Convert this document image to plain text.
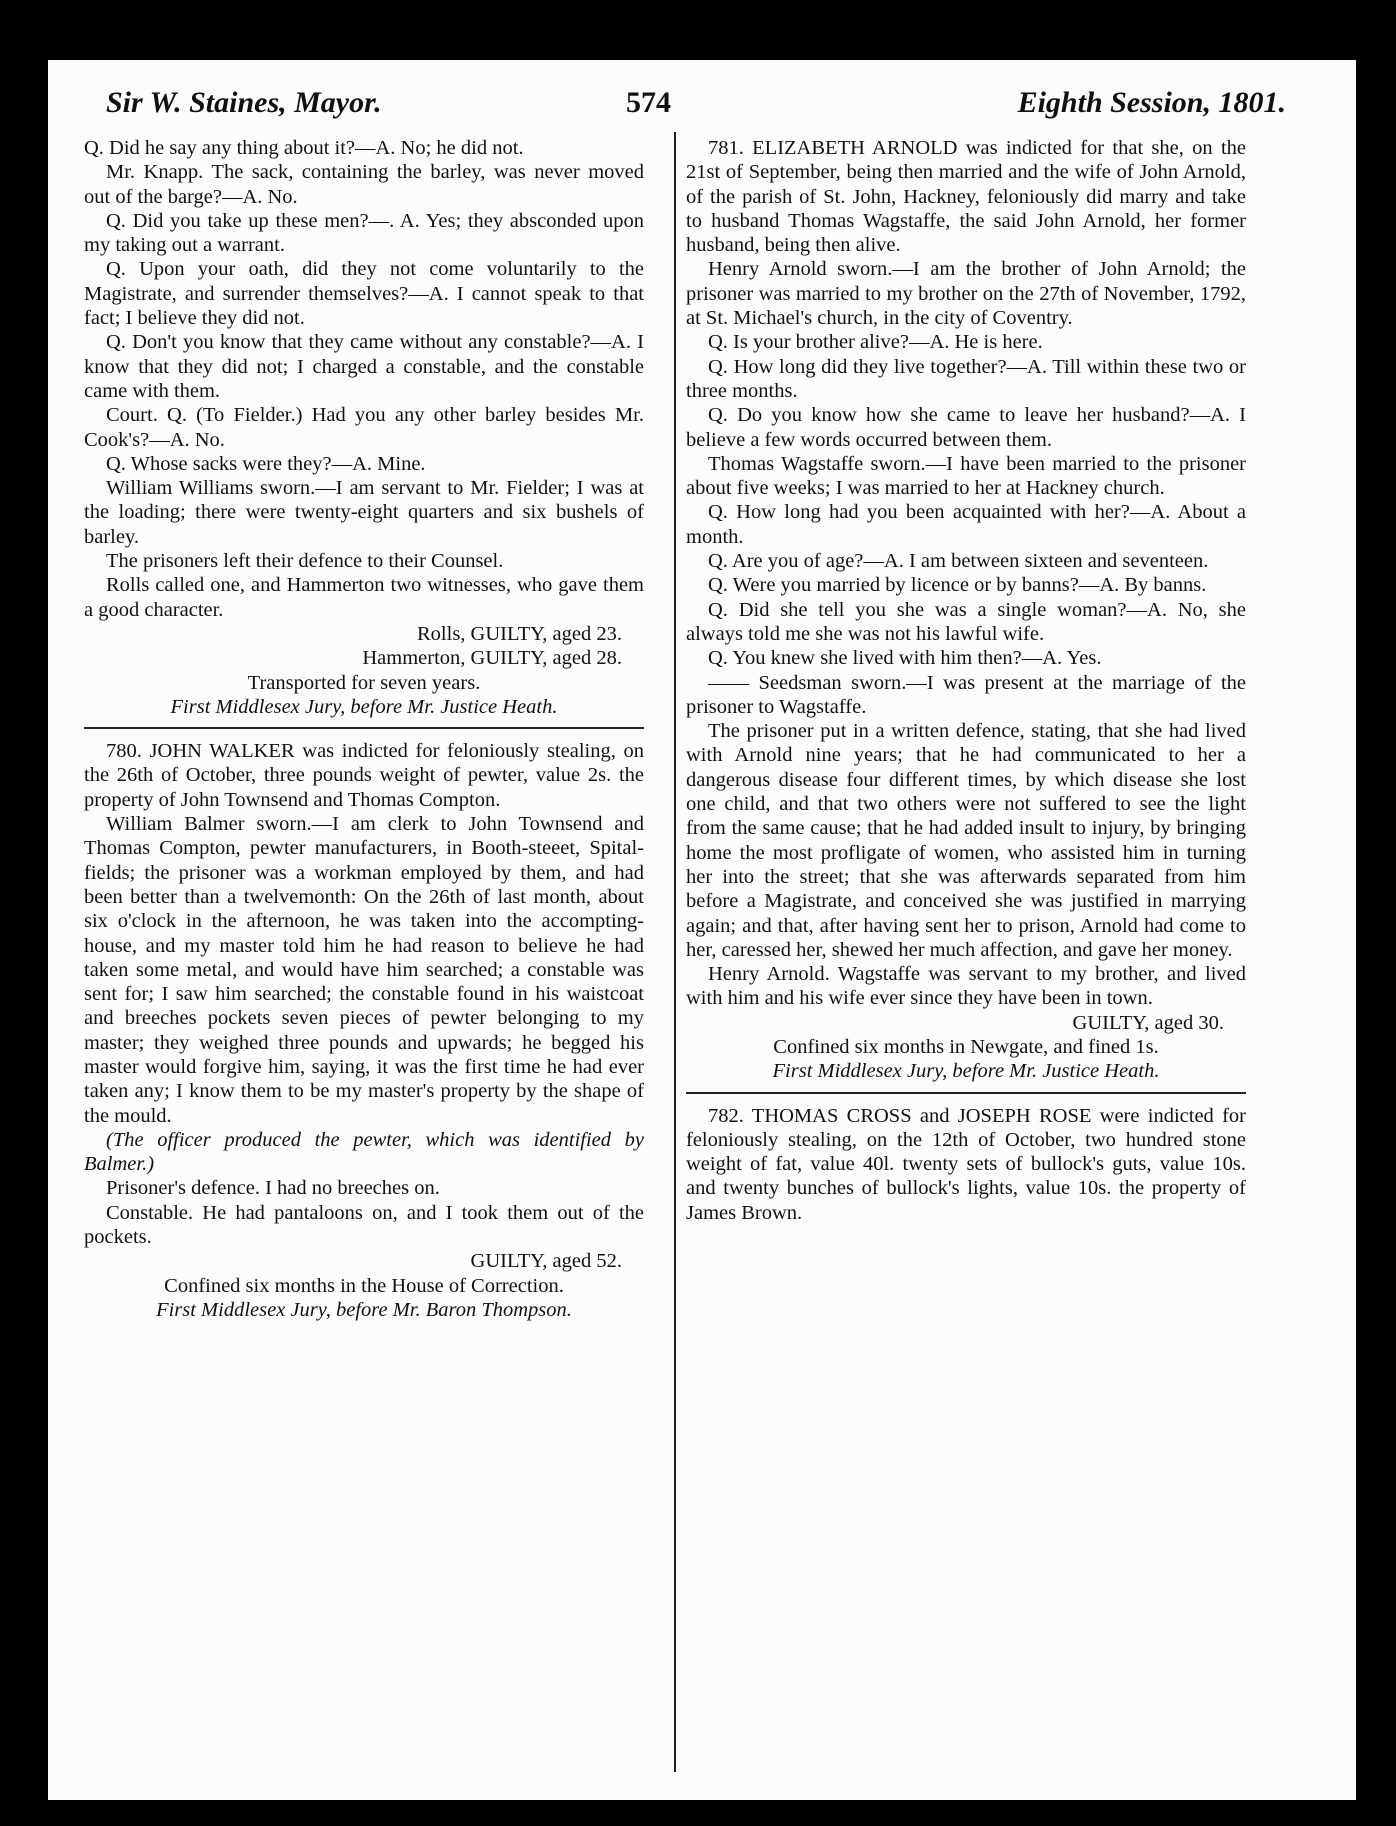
Sir W. Staines, Mayor.	574	Eighth Session, 1801.

Q. Did he say any thing about it?—A. No; he did not.

Mr. Knapp. The sack, containing the barley, was never moved out of the barge?—A. No.

Q. Did you take up these men?—. A. Yes; they absconded upon my taking out a warrant.

Q. Upon your oath, did they not come voluntarily to the Magistrate, and surrender themselves?—A. I cannot speak to that fact; I believe they did not.

Q. Don't you know that they came without any constable?—A. I know that they did not; I charged a constable, and the constable came with them.

Court. Q. (To Fielder.) Had you any other barley besides Mr. Cook's?—A. No.

Q. Whose sacks were they?—A. Mine.

William Williams sworn.—I am servant to Mr. Fielder; I was at the loading; there were twenty-eight quarters and six bushels of barley.

The prisoners left their defence to their Counsel.

Rolls called one, and Hammerton two witnesses, who gave them a good character.

Rolls, GUILTY, aged 23.

Hammerton, GUILTY, aged 28.

Transported for seven years.

First Middlesex Jury, before Mr. Justice Heath.

780. JOHN WALKER was indicted for feloniously stealing, on the 26th of October, three pounds weight of pewter, value 2s. the property of John Townsend and Thomas Compton.

William Balmer sworn.—I am clerk to John Townsend and Thomas Compton, pewter manufacturers, in Booth-steeet, Spital-fields; the prisoner was a workman employed by them, and had been better than a twelvemonth: On the 26th of last month, about six o'clock in the afternoon, he was taken into the accompting-house, and my master told him he had reason to believe he had taken some metal, and would have him searched; a constable was sent for; I saw him searched; the constable found in his waistcoat and breeches pockets seven pieces of pewter belonging to my master; they weighed three pounds and upwards; he begged his master would forgive him, saying, it was the first time he had ever taken any; I know them to be my master's property by the shape of the mould.

(The officer produced the pewter, which was identified by Balmer.)

Prisoner's defence. I had no breeches on.

Constable. He had pantaloons on, and I took them out of the pockets.

GUILTY, aged 52.

Confined six months in the House of Correction.

First Middlesex Jury, before Mr. Baron Thompson.

781. ELIZABETH ARNOLD was indicted for that she, on the 21st of September, being then married and the wife of John Arnold, of the parish of St. John, Hackney, feloniously did marry and take to husband Thomas Wagstaffe, the said John Arnold, her former husband, being then alive.

Henry Arnold sworn.—I am the brother of John Arnold; the prisoner was married to my brother on the 27th of November, 1792, at St. Michael's church, in the city of Coventry.

Q. Is your brother alive?—A. He is here.

Q. How long did they live together?—A. Till within these two or three months.

Q. Do you know how she came to leave her husband?—A. I believe a few words occurred between them.

Thomas Wagstaffe sworn.—I have been married to the prisoner about five weeks; I was married to her at Hackney church.

Q. How long had you been acquainted with her?—A. About a month.

Q. Are you of age?—A. I am between sixteen and seventeen.

Q. Were you married by licence or by banns?—A. By banns.

Q. Did she tell you she was a single woman?—A. No, she always told me she was not his lawful wife.

Q. You knew she lived with him then?—A. Yes.

—— Seedsman sworn.—I was present at the marriage of the prisoner to Wagstaffe.

The prisoner put in a written defence, stating, that she had lived with Arnold nine years; that he had communicated to her a dangerous disease four different times, by which disease she lost one child, and that two others were not suffered to see the light from the same cause; that he had added insult to injury, by bringing home the most profligate of women, who assisted him in turning her into the street; that she was afterwards separated from him before a Magistrate, and conceived she was justified in marrying again; and that, after having sent her to prison, Arnold had come to her, caressed her, shewed her much affection, and gave her money.

Henry Arnold. Wagstaffe was servant to my brother, and lived with him and his wife ever since they have been in town.

GUILTY, aged 30.

Confined six months in Newgate, and fined 1s.

First Middlesex Jury, before Mr. Justice Heath.

782. THOMAS CROSS and JOSEPH ROSE were indicted for feloniously stealing, on the 12th of October, two hundred stone weight of fat, value 40l. twenty sets of bullock's guts, value 10s. and twenty bunches of bullock's lights, value 10s. the property of James Brown.
